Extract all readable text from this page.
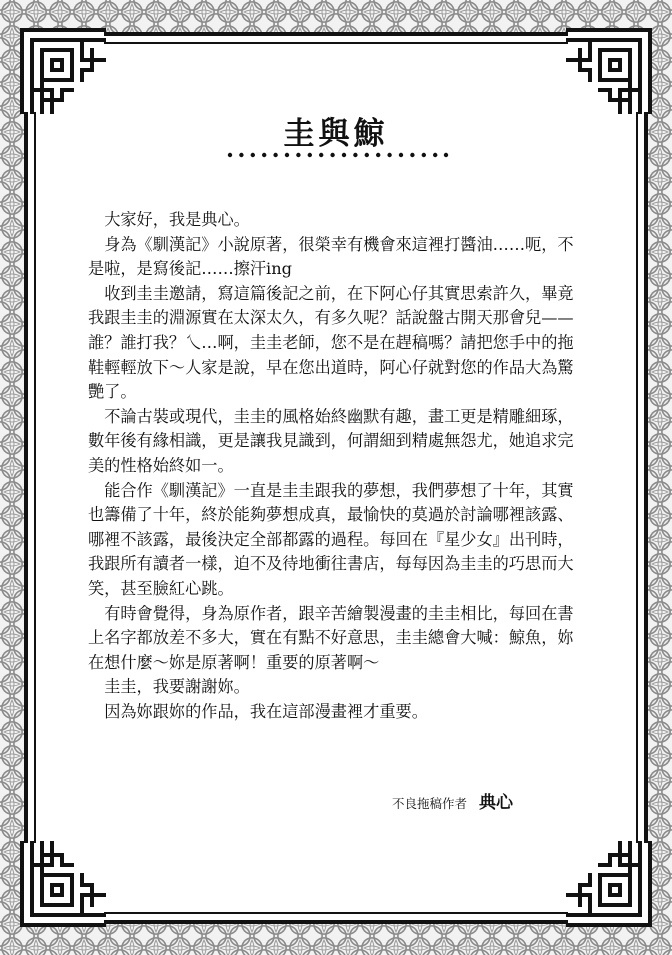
圭與鯨

大家好，我是典心。

身為《馴漢記》小說原著，很榮幸有機會來這裡打醬油……呃，不是啦，是寫後記……擦汗ing

收到圭圭邀請，寫這篇後記之前，在下阿心仔其實思索許久，畢竟我跟圭圭的淵源實在太深太久，有多久呢？話說盤古開天那會兒——誰？誰打我？乀…啊，圭圭老師，您不是在趕稿嗎？請把您手中的拖鞋輕輕放下～人家是說，早在您出道時，阿心仔就對您的作品大為驚艷了。

不論古裝或現代，圭圭的風格始終幽默有趣，畫工更是精雕細琢，數年後有緣相識，更是讓我見識到，何謂細到精處無怨尤，她追求完美的性格始終如一。

能合作《馴漢記》一直是圭圭跟我的夢想，我們夢想了十年，其實也籌備了十年，終於能夠夢想成真，最愉快的莫過於討論哪裡該露、哪裡不該露，最後決定全部都露的過程。每回在『星少女』出刊時，我跟所有讀者一樣，迫不及待地衝往書店，每每因為圭圭的巧思而大笑，甚至臉紅心跳。

有時會覺得，身為原作者，跟辛苦繪製漫畫的圭圭相比，每回在書上名字都放差不多大，實在有點不好意思，圭圭總會大喊：鯨魚，妳在想什麼～妳是原著啊！重要的原著啊～

圭圭，我要謝謝妳。

因為妳跟妳的作品，我在這部漫畫裡才重要。

不良拖稿作者 典心
